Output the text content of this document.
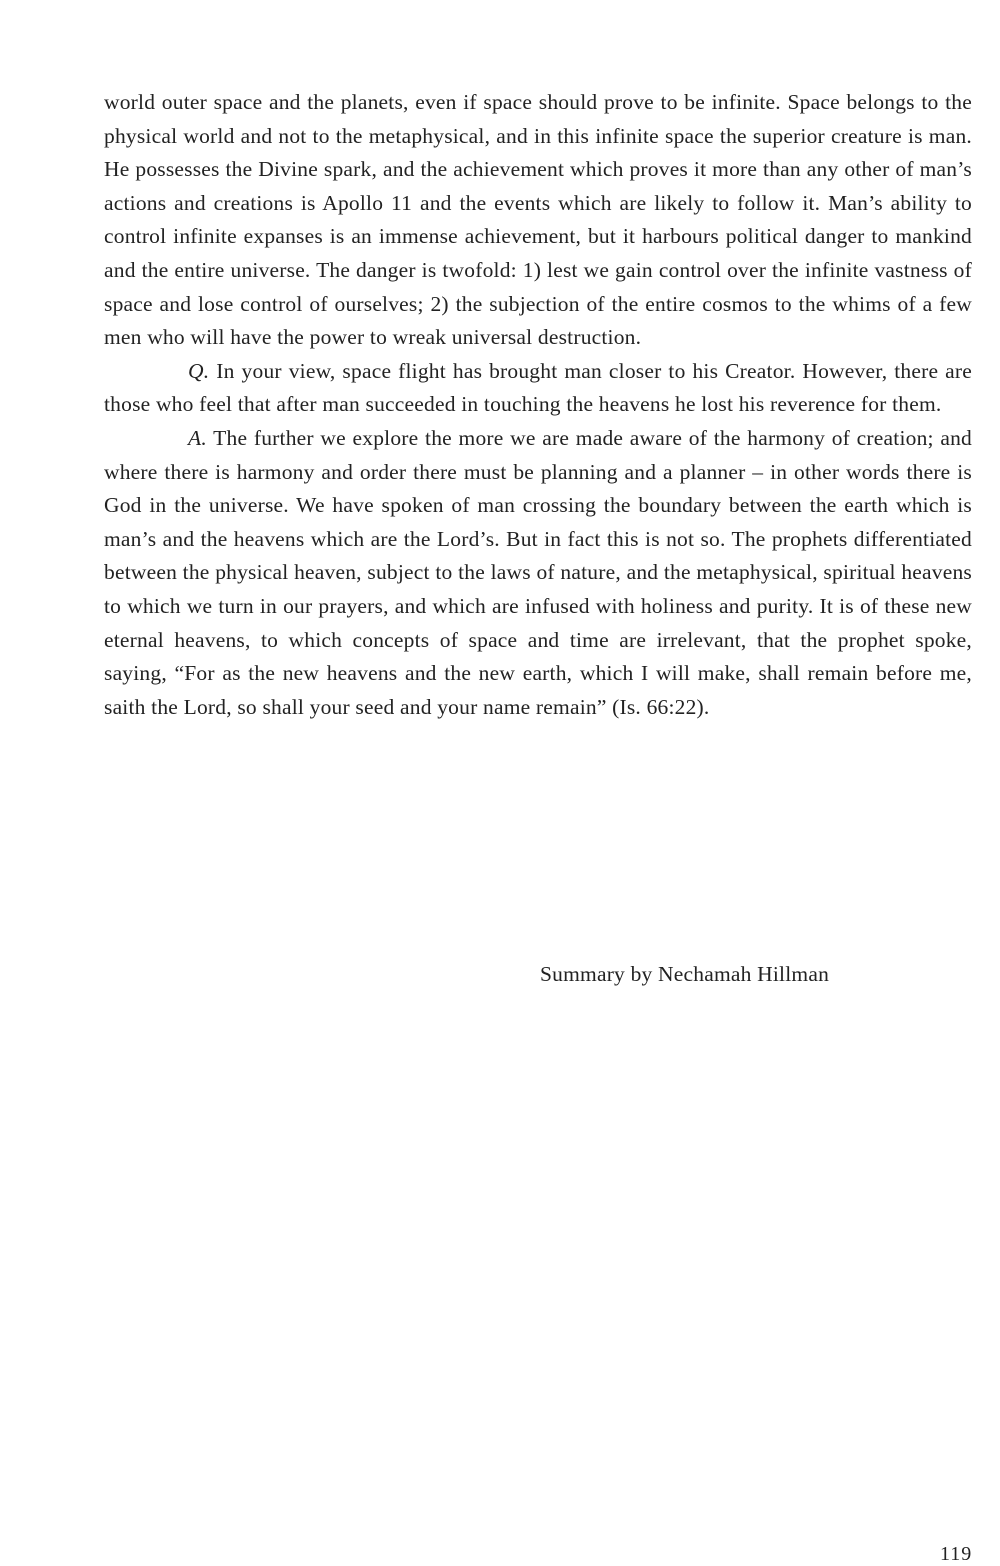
world outer space and the planets, even if space should prove to be infinite. Space belongs to the physical world and not to the metaphysical, and in this infinite space the superior creature is man. He possesses the Divine spark, and the achievement which proves it more than any other of man’s actions and creations is Apollo 11 and the events which are likely to follow it. Man’s ability to control infinite expanses is an immense achievement, but it harbours political danger to mankind and the entire universe. The danger is twofold: 1) lest we gain control over the infinite vastness of space and lose control of ourselves; 2) the subjection of the entire cosmos to the whims of a few men who will have the power to wreak universal destruction.

Q. In your view, space flight has brought man closer to his Creator. However, there are those who feel that after man succeeded in touching the heavens he lost his reverence for them.

A. The further we explore the more we are made aware of the harmony of creation; and where there is harmony and order there must be planning and a planner – in other words there is God in the universe. We have spoken of man crossing the boundary between the earth which is man’s and the heavens which are the Lord’s. But in fact this is not so. The prophets differentiated between the physical heaven, subject to the laws of nature, and the metaphysical, spiritual heavens to which we turn in our prayers, and which are infused with holiness and purity. It is of these new eternal heavens, to which concepts of space and time are irrelevant, that the prophet spoke, saying, “For as the new heavens and the new earth, which I will make, shall remain before me, saith the Lord, so shall your seed and your name remain” (Is. 66:22).

Summary by Nechamah Hillman
119
